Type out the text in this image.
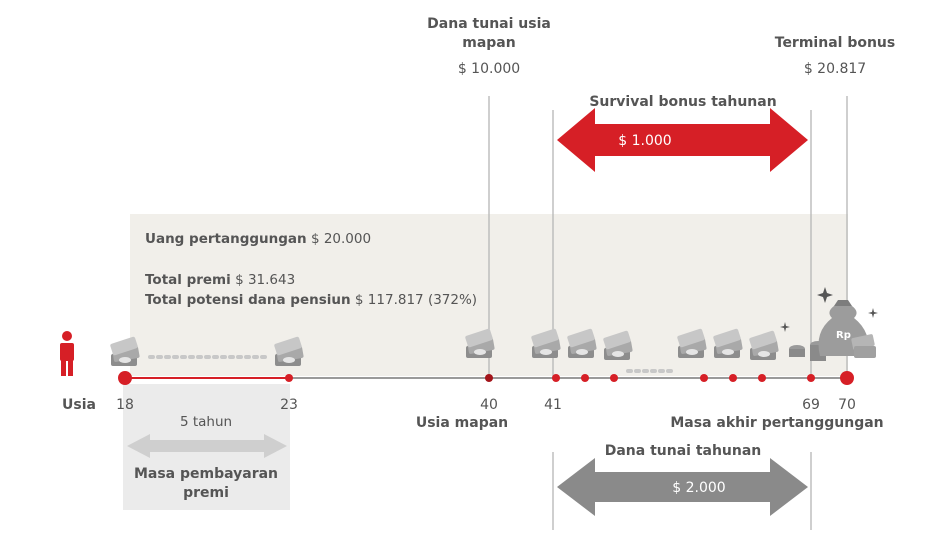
Rp
Dana tunai usia
mapan
$ 10.000
Terminal bonus
$ 20.817
Survival bonus tahunan
$ 1.000
Uang pertanggungan $ 20.000
Total premi $ 31.643
Total potensi dana pensiun $ 117.817 (372%)
Usia 18	23	40	41	69 70
Usia mapan	Masa akhir pertanggungan
5 tahun
Masa pembayaran
premi
Dana tunai tahunan
$ 2.000
